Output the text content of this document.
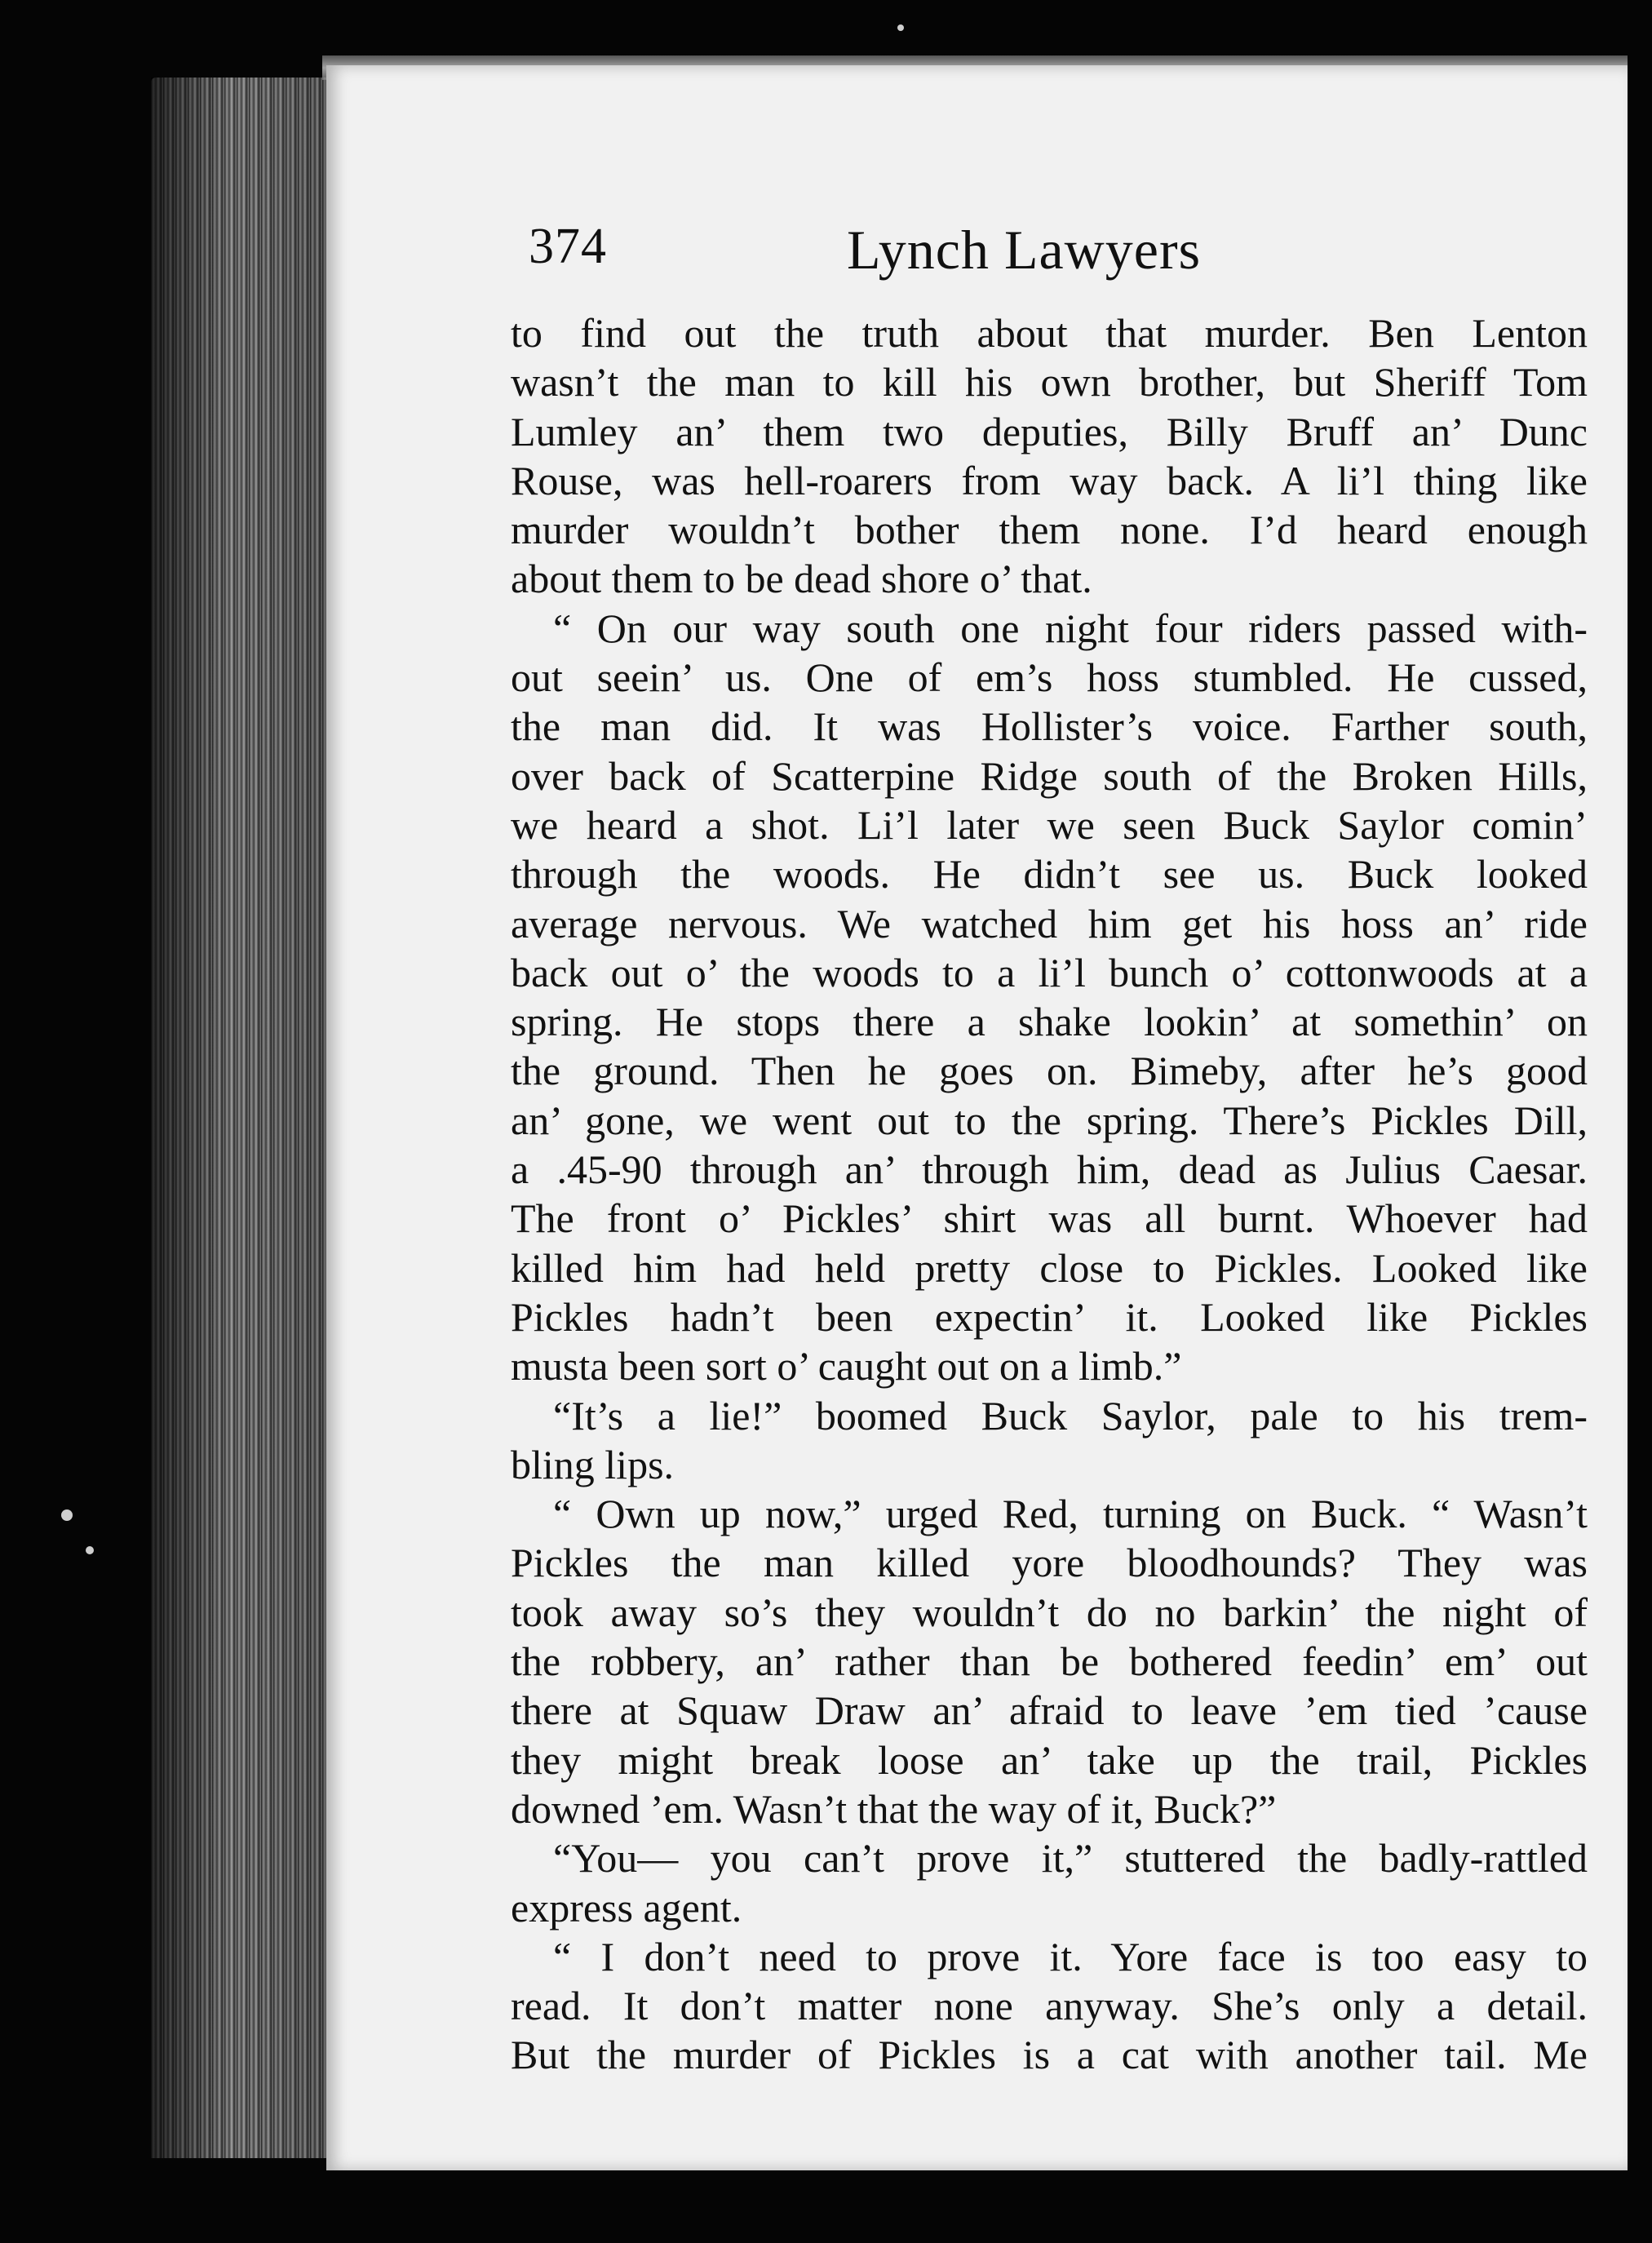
374	Lynch Lawyers
to find out the truth about that murder. Ben Lenton
wasn’t the man to kill his own brother, but Sheriff Tom
Lumley an’ them two deputies, Billy Bruff an’ Dunc
Rouse, was hell-roarers from way back. A li’l thing like
murder wouldn’t bother them none. I’d heard enough
about them to be dead shore o’ that.
“ On our way south one night four riders passed with-
out seein’ us. One of em’s hoss stumbled. He cussed,
the man did. It was Hollister’s voice. Farther south,
over back of Scatterpine Ridge south of the Broken Hills,
we heard a shot. Li’l later we seen Buck Saylor comin’
through the woods. He didn’t see us. Buck looked
average nervous. We watched him get his hoss an’ ride
back out o’ the woods to a li’l bunch o’ cottonwoods at a
spring. He stops there a shake lookin’ at somethin’ on
the ground. Then he goes on. Bimeby, after he’s good
an’ gone, we went out to the spring. There’s Pickles Dill,
a .45-90 through an’ through him, dead as Julius Caesar.
The front o’ Pickles’ shirt was all burnt. Whoever had
killed him had held pretty close to Pickles. Looked like
Pickles hadn’t been expectin’ it. Looked like Pickles
musta been sort o’ caught out on a limb.”
“It’s a lie!” boomed Buck Saylor, pale to his trem-
bling lips.
“ Own up now,” urged Red, turning on Buck. “ Wasn’t
Pickles the man killed yore bloodhounds? They was
took away so’s they wouldn’t do no barkin’ the night of
the robbery, an’ rather than be bothered feedin’ em’ out
there at Squaw Draw an’ afraid to leave ’em tied ’cause
they might break loose an’ take up the trail, Pickles
downed ’em. Wasn’t that the way of it, Buck?”
“You— you can’t prove it,” stuttered the badly-rattled
express agent.
“ I don’t need to prove it. Yore face is too easy to
read. It don’t matter none anyway. She’s only a detail.
But the murder of Pickles is a cat with another tail. Me
